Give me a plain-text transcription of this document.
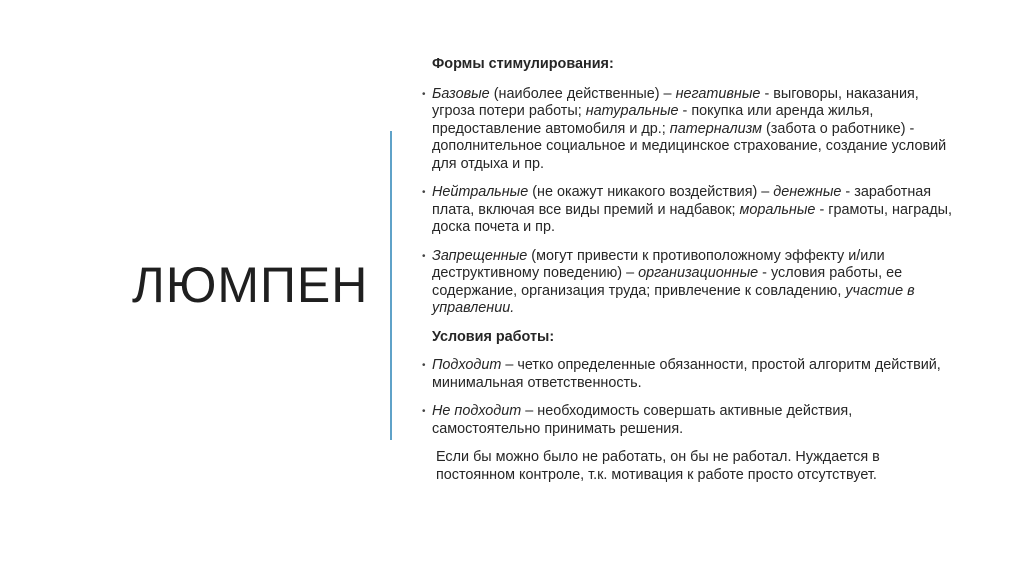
ЛЮМПЕН
Формы стимулирования:
• Базовые (наиболее действенные) – негативные - выговоры, наказания, угроза потери работы; натуральные - покупка или аренда жилья, предоставление автомобиля и др.; патернализм (забота о работнике) - дополнительное социальное и медицинское страхование, создание условий для отдыха и пр.
• Нейтральные (не окажут никакого воздействия) – денежные - заработная плата, включая все виды премий и надбавок; моральные - грамоты, награды, доска почета и пр.
• Запрещенные (могут привести к противоположному эффекту и/или деструктивному поведению) – организационные - условия работы, ее содержание, организация труда; привлечение к совладению, участие в управлении.
Условия работы:
• Подходит – четко определенные обязанности, простой алгоритм действий, минимальная ответственность.
• Не подходит – необходимость совершать активные действия, самостоятельно принимать решения.
Если бы можно было не работать, он бы не работал. Нуждается в постоянном контроле, т.к. мотивация к работе просто отсутствует.
